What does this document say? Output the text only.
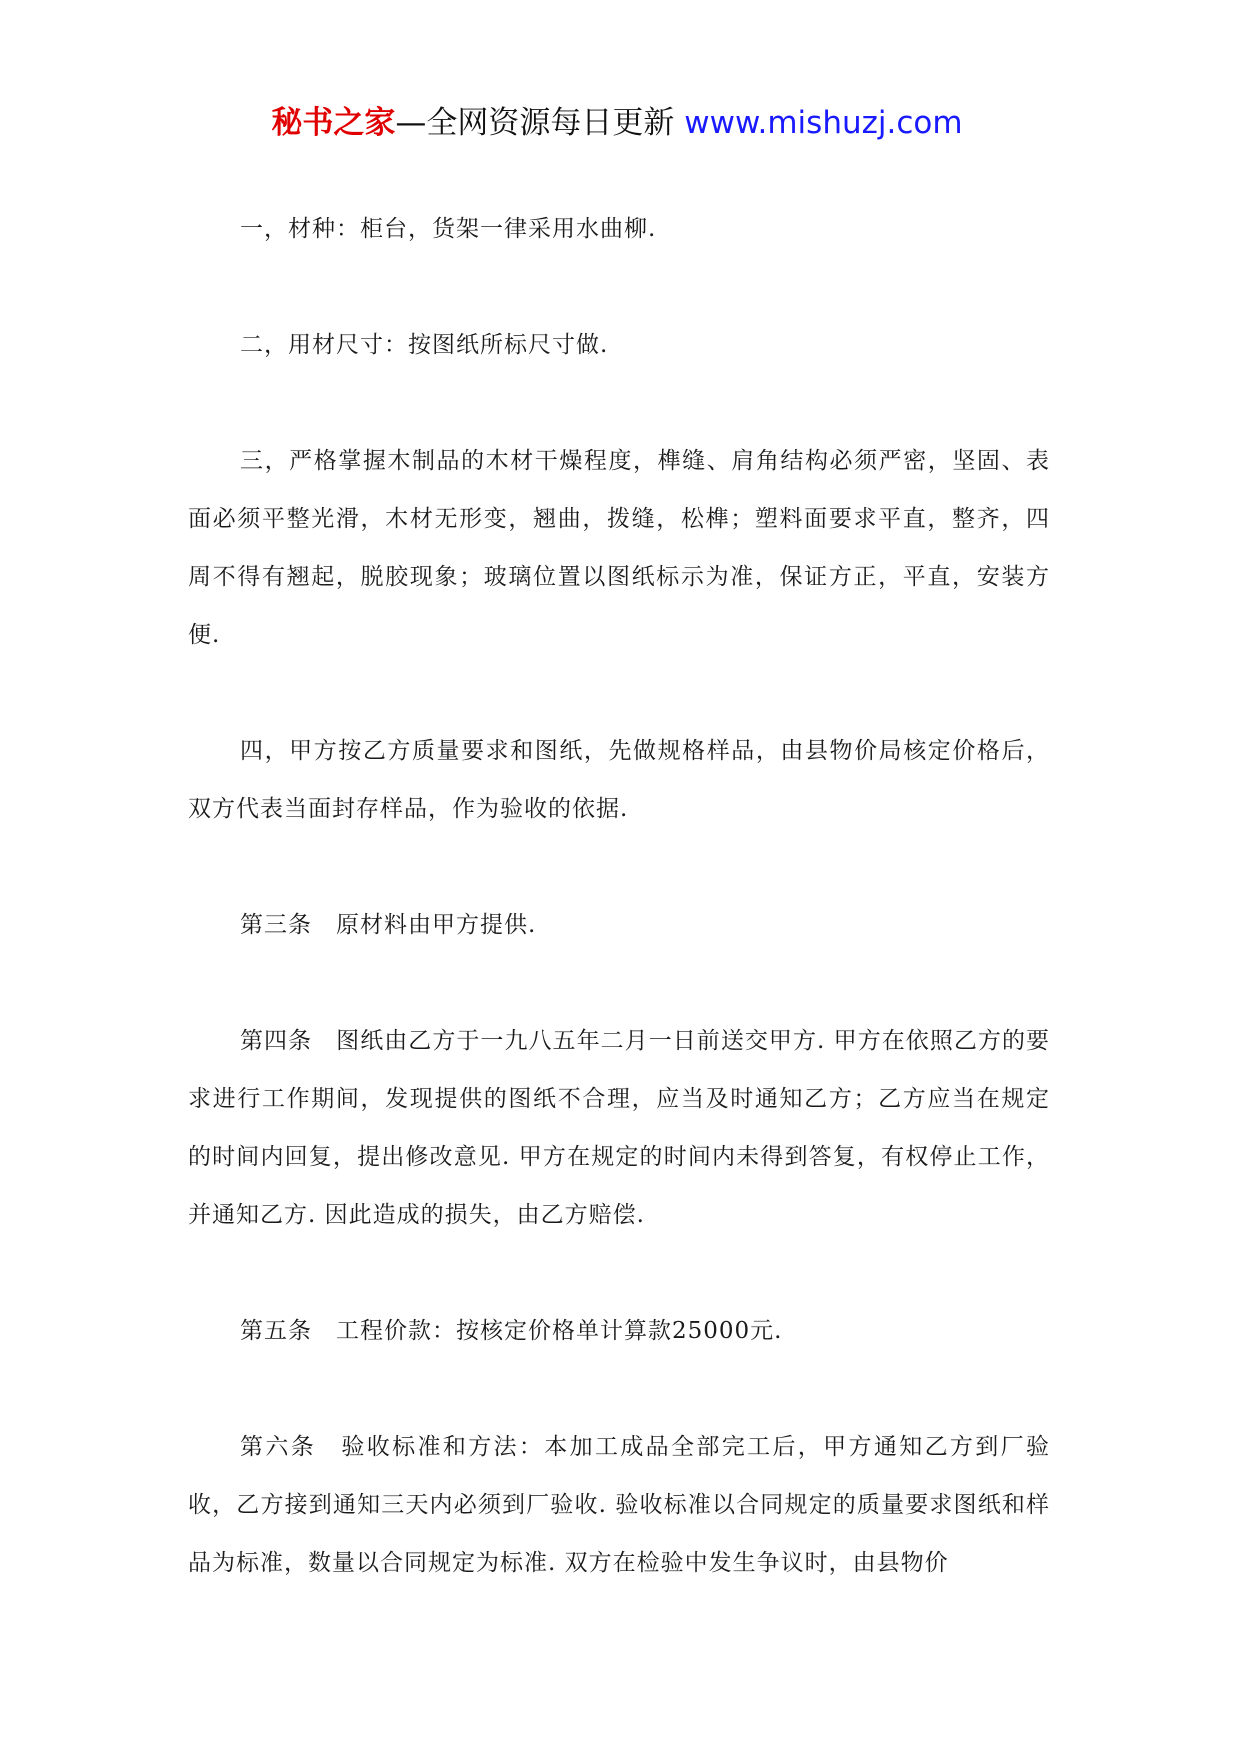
秘书之家—全网资源每日更新 www.mishuzj.com

一，材种：柜台，货架一律采用水曲柳.

二，用材尺寸：按图纸所标尺寸做.

三，严格掌握木制品的木材干燥程度，榫缝、肩角结构必须严密，坚固、表面必须平整光滑，木材无形变，翘曲，拨缝，松榫；塑料面要求平直，整齐，四周不得有翘起，脱胶现象；玻璃位置以图纸标示为准，保证方正，平直，安装方便.

四，甲方按乙方质量要求和图纸，先做规格样品，由县物价局核定价格后，双方代表当面封存样品，作为验收的依据.

第三条　原材料由甲方提供.

第四条　图纸由乙方于一九八五年二月一日前送交甲方. 甲方在依照乙方的要求进行工作期间，发现提供的图纸不合理，应当及时通知乙方；乙方应当在规定的时间内回复，提出修改意见. 甲方在规定的时间内未得到答复，有权停止工作，并通知乙方. 因此造成的损失，由乙方赔偿.

第五条　工程价款：按核定价格单计算款25000元.

第六条　验收标准和方法：本加工成品全部完工后，甲方通知乙方到厂验收，乙方接到通知三天内必须到厂验收. 验收标准以合同规定的质量要求图纸和样品为标准，数量以合同规定为标准. 双方在检验中发生争议时，由县物价
